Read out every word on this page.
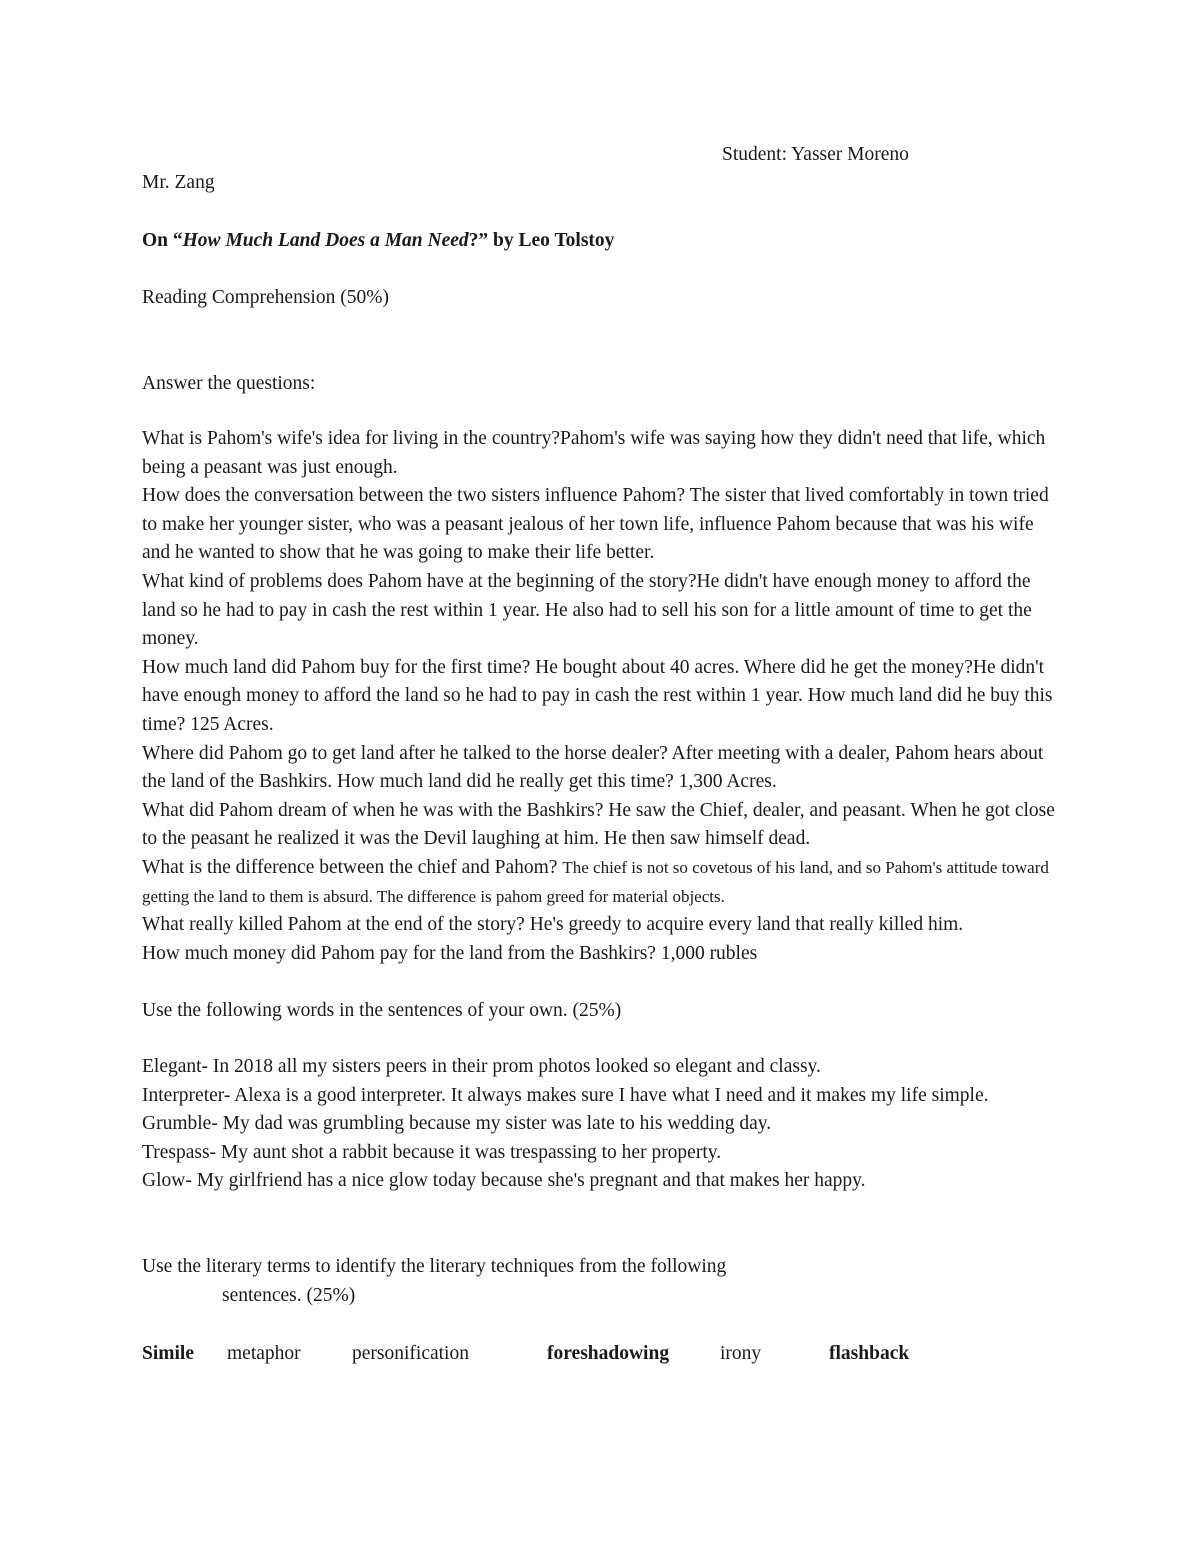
Student: Yasser Moreno
Mr. Zang
On “How Much Land Does a Man Need?” by Leo Tolstoy
Reading Comprehension (50%)
Answer the questions:

What is Pahom's wife's idea for living in the country?Pahom's wife was saying how they didn't need that life, which being a peasant was just enough.

How does the conversation between the two sisters influence Pahom? The sister that lived comfortably in town tried to make her younger sister, who was a peasant jealous of her town life, influence Pahom because that was his wife and he wanted to show that he was going to make their life better.

What kind of problems does Pahom have at the beginning of the story?He didn't have enough money to afford the land so he had to pay in cash the rest within 1 year. He also had to sell his son for a little amount of time to get the money.

How much land did Pahom buy for the first time? He bought about 40 acres. Where did he get the money?He didn't have enough money to afford the land so he had to pay in cash the rest within 1 year. How much land did he buy this time? 125 Acres.

Where did Pahom go to get land after he talked to the horse dealer? After meeting with a dealer, Pahom hears about the land of the Bashkirs. How much land did he really get this time? 1,300 Acres.

What did Pahom dream of when he was with the Bashkirs? He saw the Chief, dealer, and peasant. When he got close to the peasant he realized it was the Devil laughing at him. He then saw himself dead.

What is the difference between the chief and Pahom? The chief is not so covetous of his land, and so Pahom's attitude toward getting the land to them is absurd. The difference is pahom greed for material objects.

What really killed Pahom at the end of the story? He's greedy to acquire every land that really killed him.

How much money did Pahom pay for the land from the Bashkirs? 1,000 rubles

Use the following words in the sentences of your own. (25%)

Elegant- In 2018 all my sisters peers in their prom photos looked so elegant and classy.

Interpreter- Alexa is a good interpreter. It always makes sure I have what I need and it makes my life simple.

Grumble- My dad was grumbling because my sister was late to his wedding day.

Trespass- My aunt shot a rabbit because it was trespassing to her property.

Glow- My girlfriend has a nice glow today because she's pregnant and that makes her happy.

Use the literary terms to identify the literary techniques from the following

sentences. (25%)

Simile metaphor	personification	foreshadowing	irony	flashback
